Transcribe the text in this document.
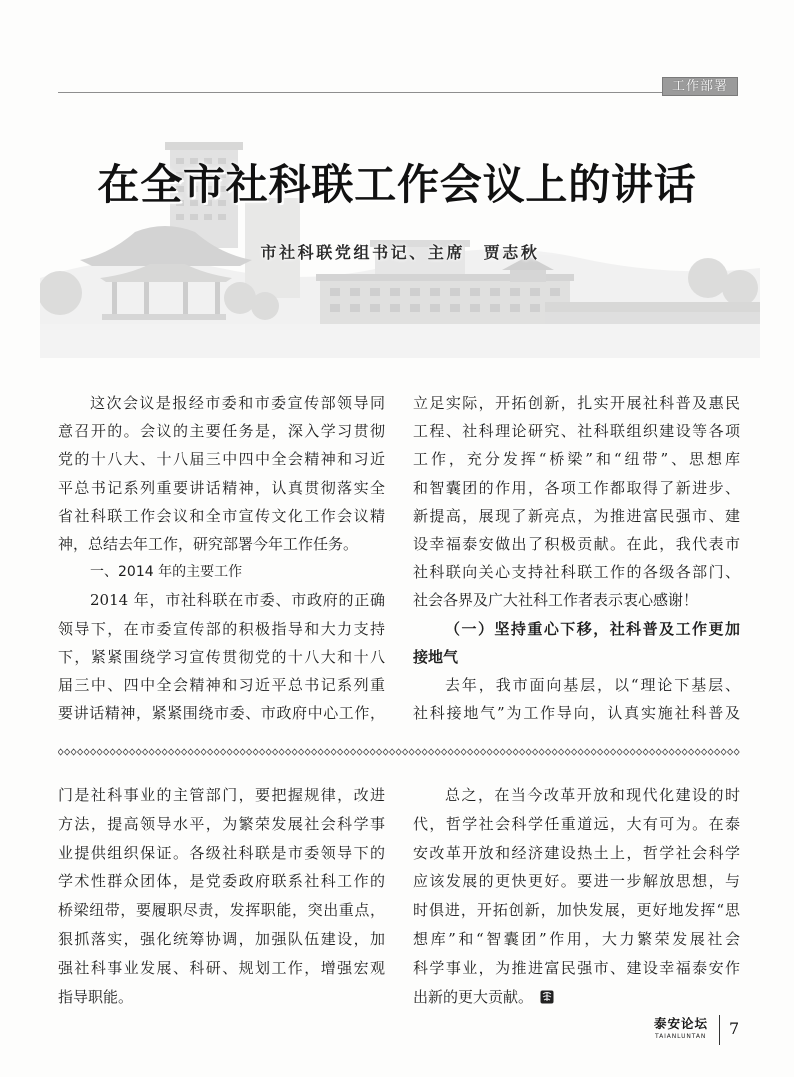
工作部署
在全市社科联工作会议上的讲话
市社科联党组书记、主席　贾志秋
这次会议是报经市委和市委宣传部领导同
意召开的。会议的主要任务是，深入学习贯彻
党的十八大、十八届三中四中全会精神和习近
平总书记系列重要讲话精神，认真贯彻落实全
省社科联工作会议和全市宣传文化工作会议精
神，总结去年工作，研究部署今年工作任务。
一、2014 年的主要工作
2014 年，市社科联在市委、市政府的正确
领导下，在市委宣传部的积极指导和大力支持
下，紧紧围绕学习宣传贯彻党的十八大和十八
届三中、四中全会精神和习近平总书记系列重
要讲话精神，紧紧围绕市委、市政府中心工作，
立足实际，开拓创新，扎实开展社科普及惠民
工程、社科理论研究、社科联组织建设等各项
工作，充分发挥“桥梁”和“纽带”、思想库
和智囊团的作用，各项工作都取得了新进步、
新提高，展现了新亮点，为推进富民强市、建
设幸福泰安做出了积极贡献。在此，我代表市
社科联向关心支持社科联工作的各级各部门、
社会各界及广大社科工作者表示衷心感谢！
（一）坚持重心下移，社科普及工作更加
接地气
去年，我市面向基层，以“理论下基层、
社科接地气”为工作导向，认真实施社科普及
门是社科事业的主管部门，要把握规律，改进
方法，提高领导水平，为繁荣发展社会科学事
业提供组织保证。各级社科联是市委领导下的
学术性群众团体，是党委政府联系社科工作的
桥梁纽带，要履职尽责，发挥职能，突出重点，
狠抓落实，强化统筹协调，加强队伍建设，加
强社科事业发展、科研、规划工作，增强宏观
指导职能。
总之，在当今改革开放和现代化建设的时
代，哲学社会科学任重道远，大有可为。在泰
安改革开放和经济建设热土上，哲学社会科学
应该发展的更快更好。要进一步解放思想，与
时俱进，开拓创新，加快发展，更好地发挥“思
想库”和“智囊团”作用，大力繁荣发展社会
科学事业，为推进富民强市、建设幸福泰安作
出新的更大贡献。
泰安论坛
TAIANLUNTAN 7
